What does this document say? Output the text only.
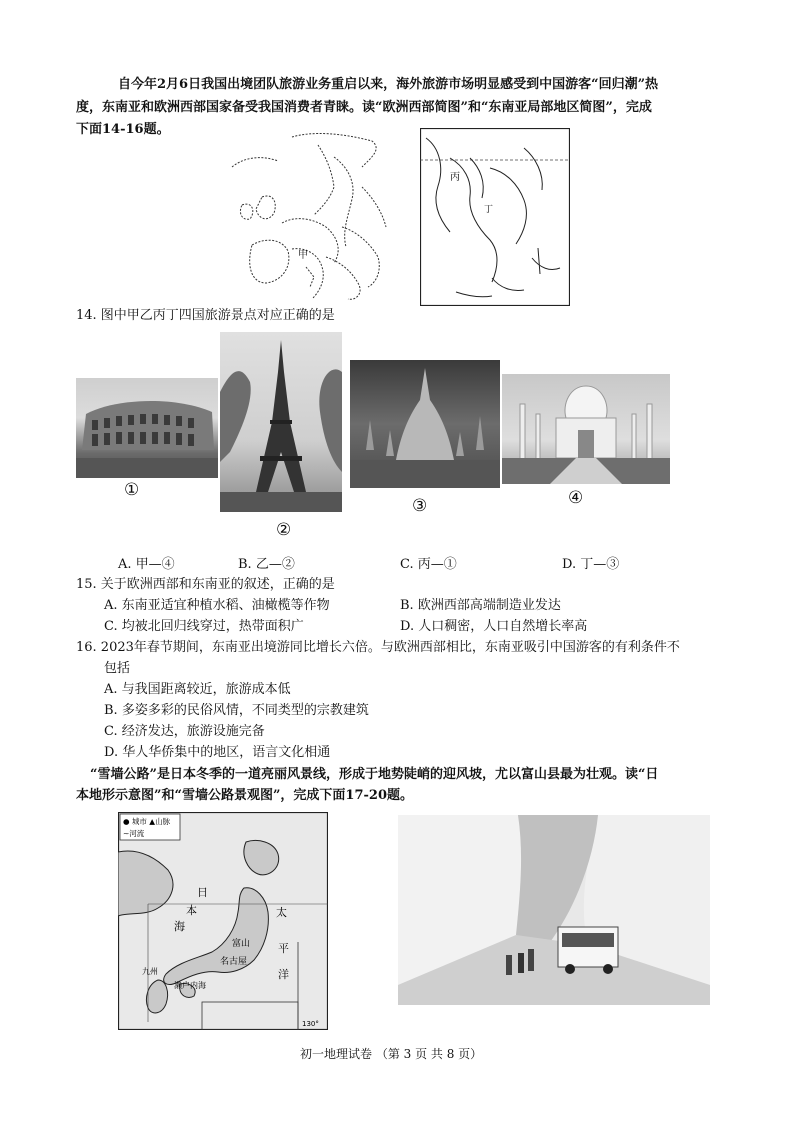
自今年2月6日我国出境团队旅游业务重启以来，海外旅游市场明显感受到中国游客“回归潮”热
度，东南亚和欧洲西部国家备受我国消费者青睐。读“欧洲西部简图”和“东南亚局部地区简图”，完成
下面14-16题。
甲
丙
丁
14. 图中甲乙丙丁四国旅游景点对应正确的是
①
②
③	④
A. 甲—④	B. 乙—②	C. 丙—①	D. 丁—③
15. 关于欧洲西部和东南亚的叙述，正确的是
A. 东南亚适宜种植水稻、油橄榄等作物	B. 欧洲西部高端制造业发达
C. 均被北回归线穿过，热带面积广	D. 人口稠密，人口自然增长率高
16. 2023年春节期间，东南亚出境游同比增长六倍。与欧洲西部相比，东南亚吸引中国游客的有利条件不
包括
A. 与我国距离较近，旅游成本低
B. 多姿多彩的民俗风情，不同类型的宗教建筑
C. 经济发达，旅游设施完备
D. 华人华侨集中的地区，语言文化相通
“雪墙公路”是日本冬季的一道亮丽风景线，形成于地势陡峭的迎风坡，尤以富山县最为壮观。读“日
本地形示意图”和“雪墙公路景观图”，完成下面17-20题。
● 城市 ▲山脉
∼河流
日
本
海
太
平
洋
富山
名古屋
濑户内海
九州
130°
初一地理试卷 （第 3 页 共 8 页）
